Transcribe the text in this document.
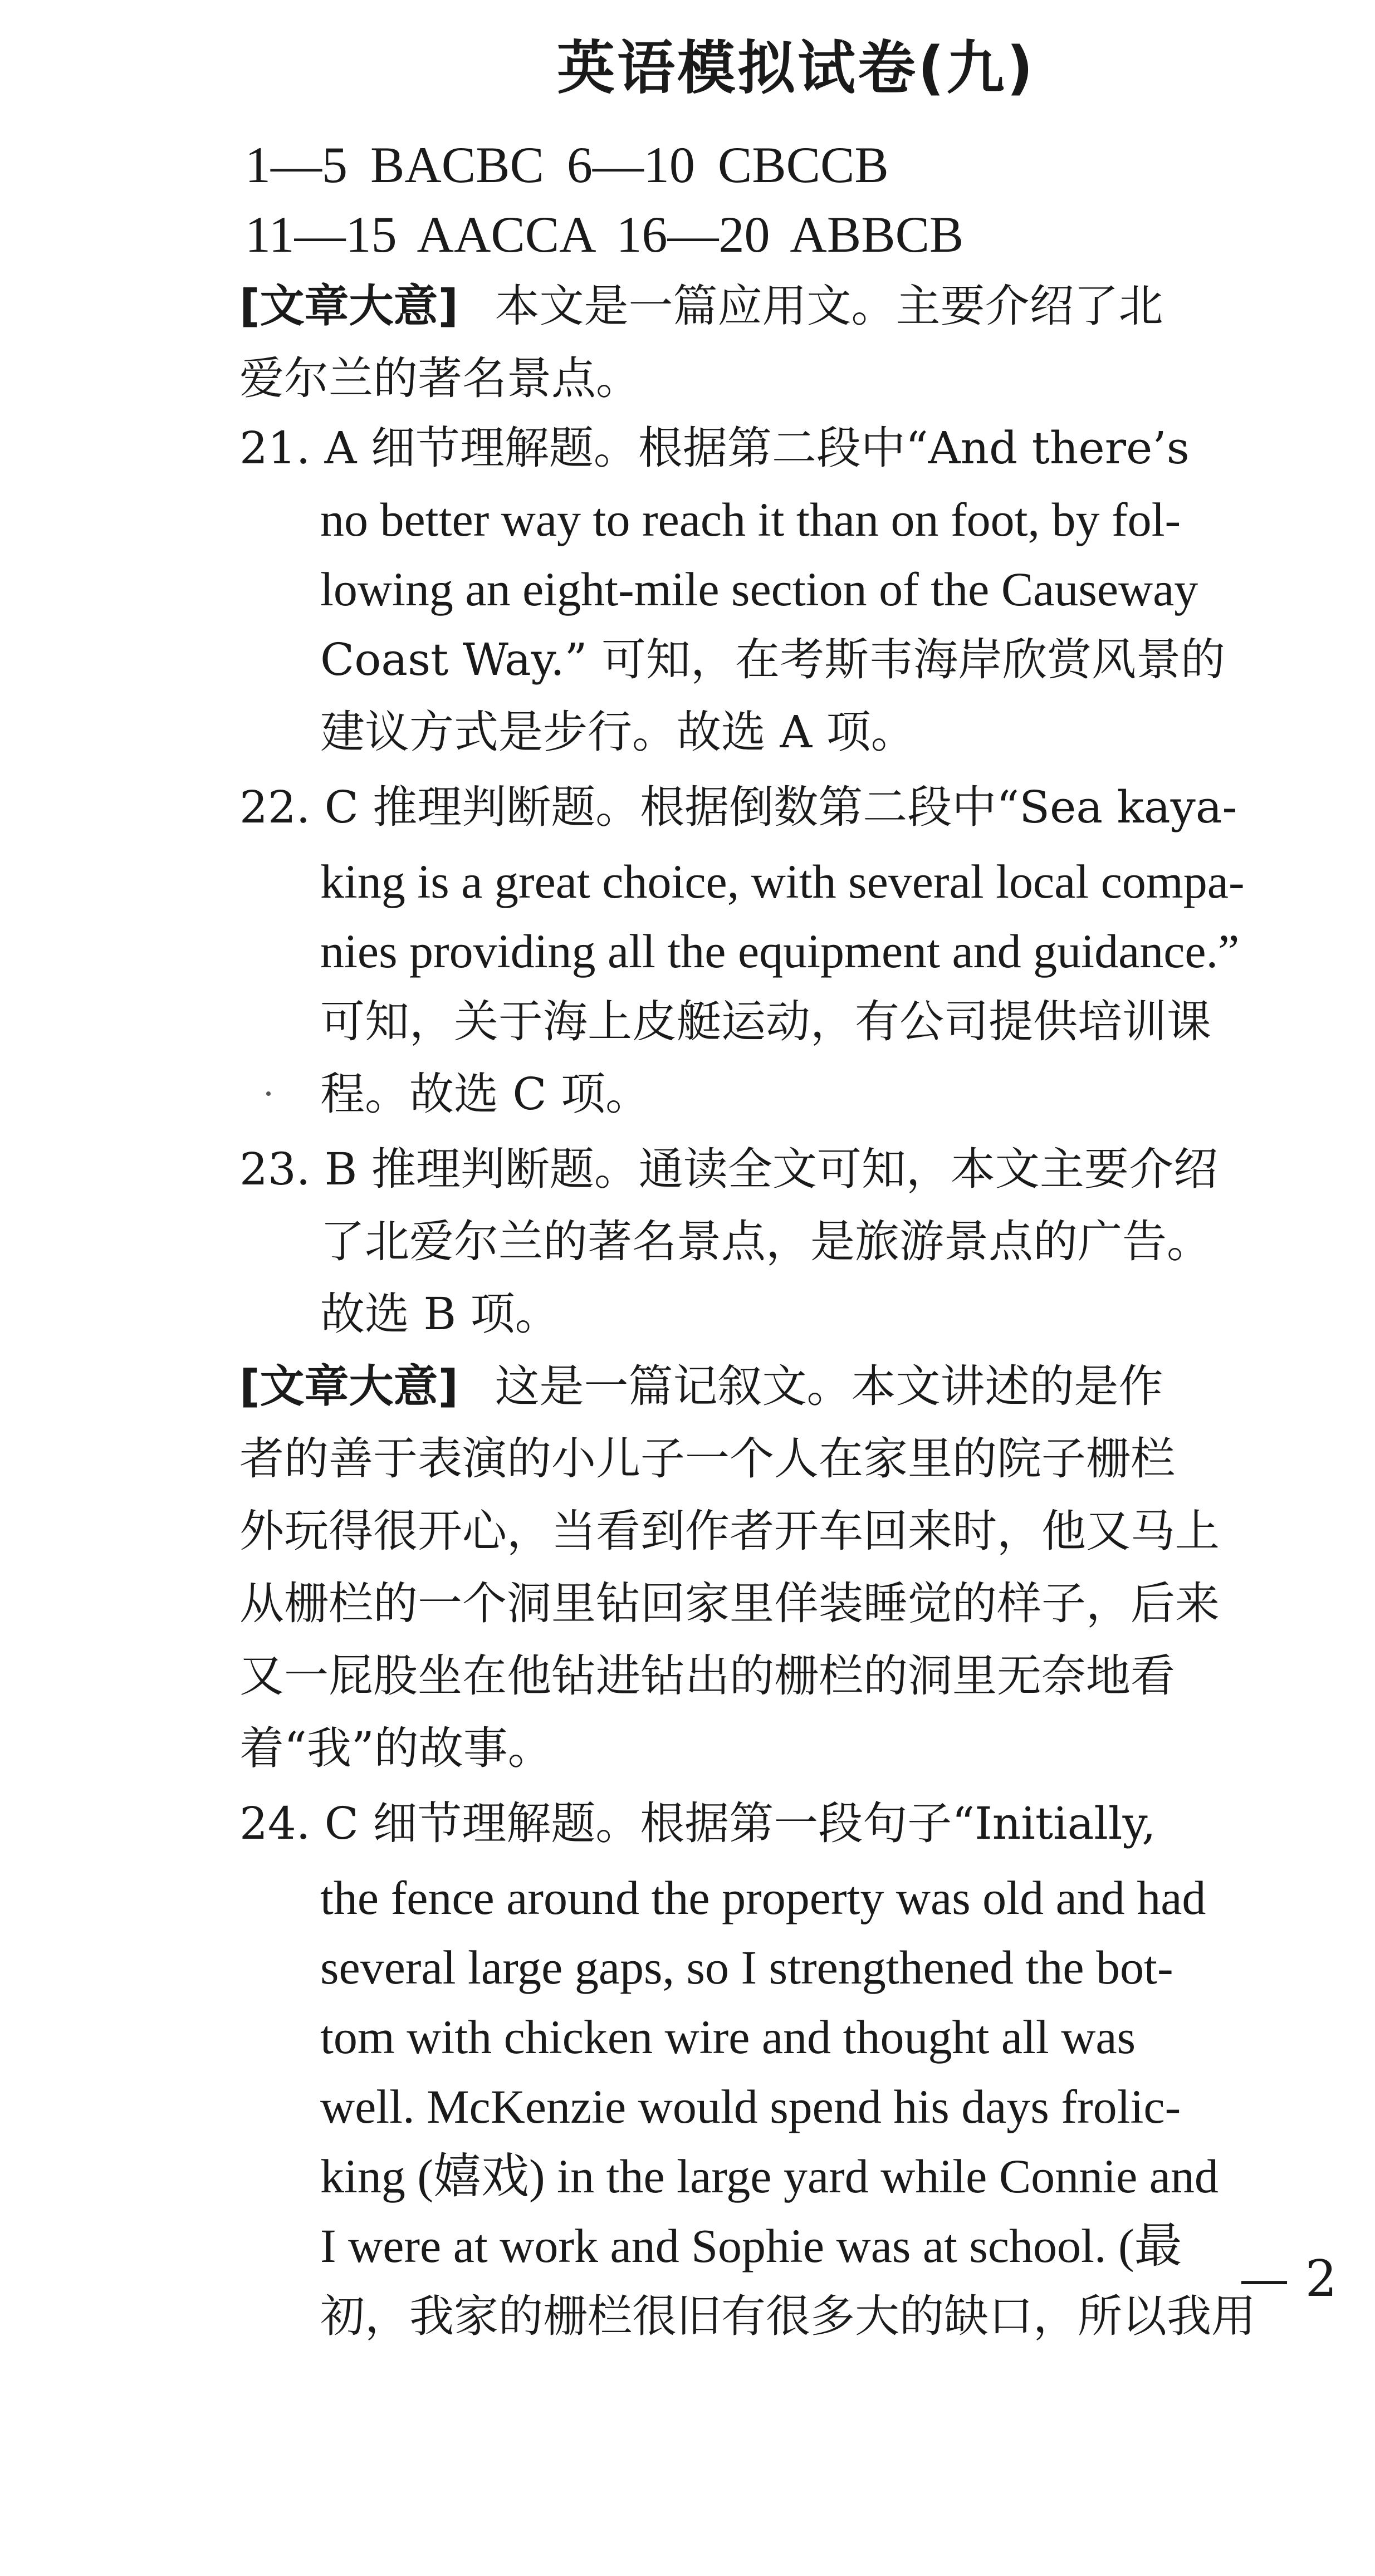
英语模拟试卷(九)
1—5 BACBC 6—10 CBCCB
11—15 AACCA 16—20 ABBCB
[文章大意] 本文是一篇应用文。主要介绍了北
爱尔兰的著名景点。
21. A 细节理解题。根据第二段中“And there’s
no better way to reach it than on foot, by fol-
lowing an eight-mile section of the Causeway
Coast Way.” 可知，在考斯韦海岸欣赏风景的
建议方式是步行。故选 A 项。
22. C 推理判断题。根据倒数第二段中“Sea kaya-
king is a great choice, with several local compa-
nies providing all the equipment and guidance.”
可知，关于海上皮艇运动，有公司提供培训课
程。故选 C 项。
23. B 推理判断题。通读全文可知，本文主要介绍
了北爱尔兰的著名景点，是旅游景点的广告。
故选 B 项。
[文章大意] 这是一篇记叙文。本文讲述的是作
者的善于表演的小儿子一个人在家里的院子栅栏
外玩得很开心，当看到作者开车回来时，他又马上
从栅栏的一个洞里钻回家里佯装睡觉的样子，后来
又一屁股坐在他钻进钻出的栅栏的洞里无奈地看
着“我”的故事。
24. C 细节理解题。根据第一段句子“Initially,
the fence around the property was old and had
several large gaps, so I strengthened the bot-
tom with chicken wire and thought all was
well. McKenzie would spend his days frolic-
king (嬉戏) in the large yard while Connie and
I were at work and Sophie was at school. (最
初，我家的栅栏很旧有很多大的缺口，所以我用
— 2
